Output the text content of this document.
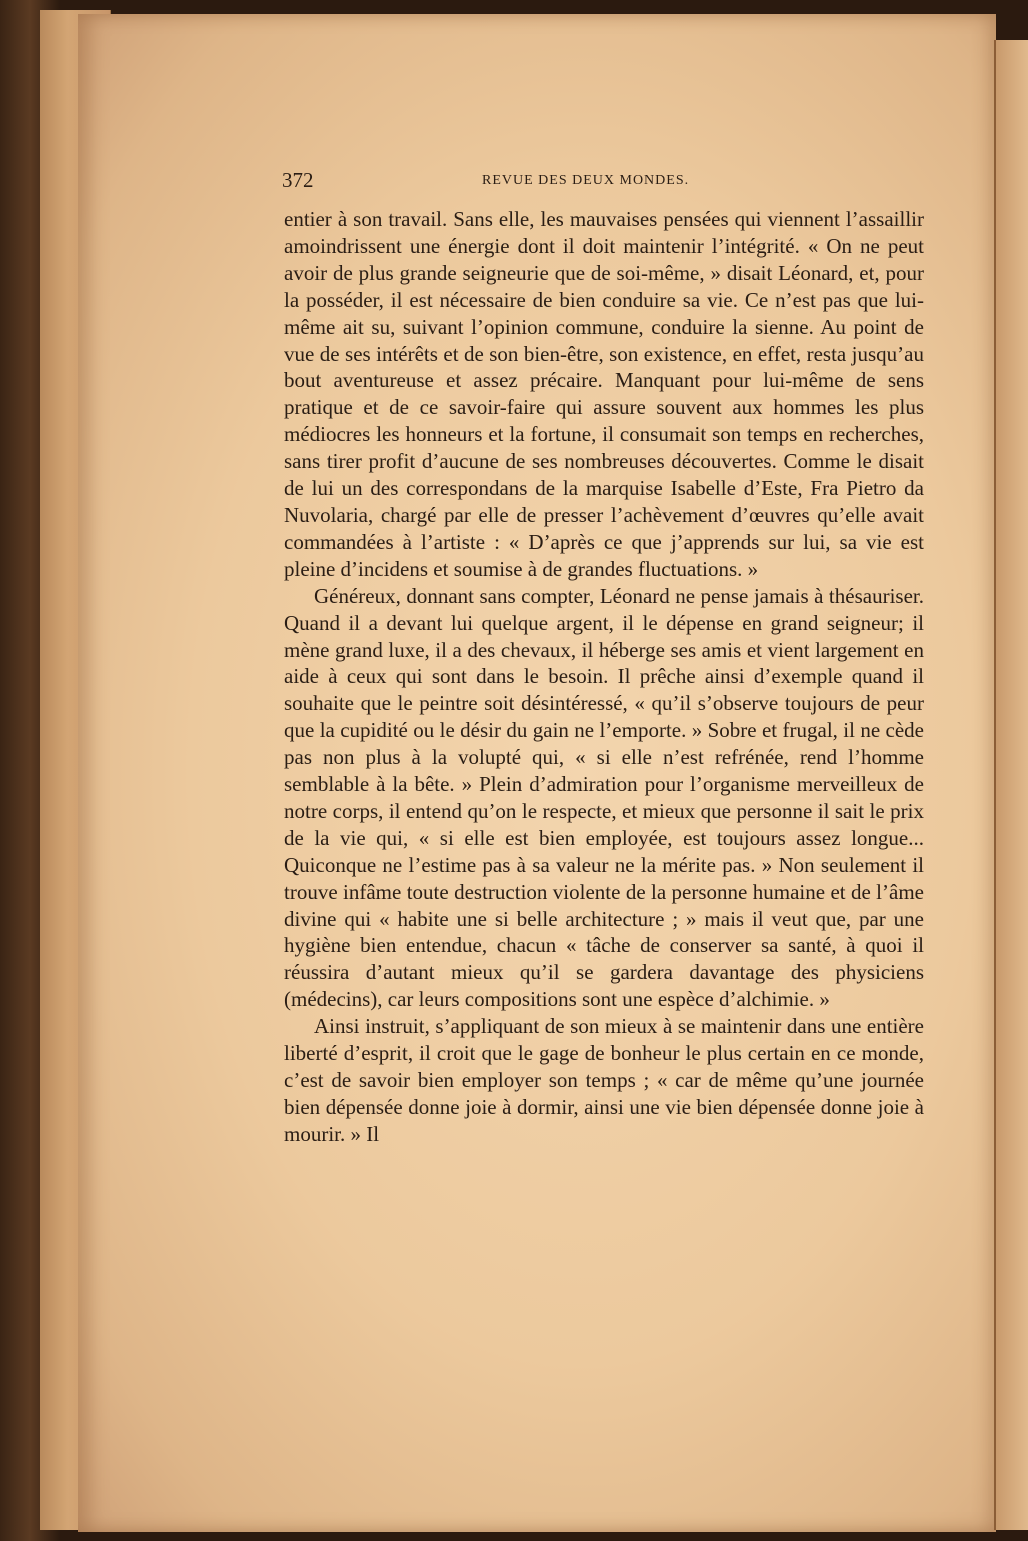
372	REVUE DES DEUX MONDES.

entier à son travail. Sans elle, les mauvaises pensées qui viennent l’assaillir amoindrissent une énergie dont il doit maintenir l’intégrité. « On ne peut avoir de plus grande seigneurie que de soi-même, » disait Léonard, et, pour la posséder, il est nécessaire de bien conduire sa vie. Ce n’est pas que lui-même ait su, suivant l’opinion commune, conduire la sienne. Au point de vue de ses intérêts et de son bien-être, son existence, en effet, resta jusqu’au bout aventureuse et assez précaire. Manquant pour lui-même de sens pratique et de ce savoir-faire qui assure souvent aux hommes les plus médiocres les honneurs et la fortune, il consumait son temps en recherches, sans tirer profit d’aucune de ses nombreuses découvertes. Comme le disait de lui un des correspondans de la marquise Isabelle d’Este, Fra Pietro da Nuvolaria, chargé par elle de presser l’achèvement d’œuvres qu’elle avait commandées à l’artiste : « D’après ce que j’apprends sur lui, sa vie est pleine d’incidens et soumise à de grandes fluctuations. »

Généreux, donnant sans compter, Léonard ne pense jamais à thésauriser. Quand il a devant lui quelque argent, il le dépense en grand seigneur; il mène grand luxe, il a des chevaux, il héberge ses amis et vient largement en aide à ceux qui sont dans le besoin. Il prêche ainsi d’exemple quand il souhaite que le peintre soit désintéressé, « qu’il s’observe toujours de peur que la cupidité ou le désir du gain ne l’emporte. » Sobre et frugal, il ne cède pas non plus à la volupté qui, « si elle n’est refrénée, rend l’homme semblable à la bête. » Plein d’admiration pour l’organisme merveilleux de notre corps, il entend qu’on le respecte, et mieux que personne il sait le prix de la vie qui, « si elle est bien employée, est toujours assez longue... Quiconque ne l’estime pas à sa valeur ne la mérite pas. » Non seulement il trouve infâme toute destruction violente de la personne humaine et de l’âme divine qui « habite une si belle architecture ; » mais il veut que, par une hygiène bien entendue, chacun « tâche de conserver sa santé, à quoi il réussira d’autant mieux qu’il se gardera davantage des physiciens (médecins), car leurs compositions sont une espèce d’alchimie. »

Ainsi instruit, s’appliquant de son mieux à se maintenir dans une entière liberté d’esprit, il croit que le gage de bonheur le plus certain en ce monde, c’est de savoir bien employer son temps ; « car de même qu’une journée bien dépensée donne joie à dormir, ainsi une vie bien dépensée donne joie à mourir. » Il
